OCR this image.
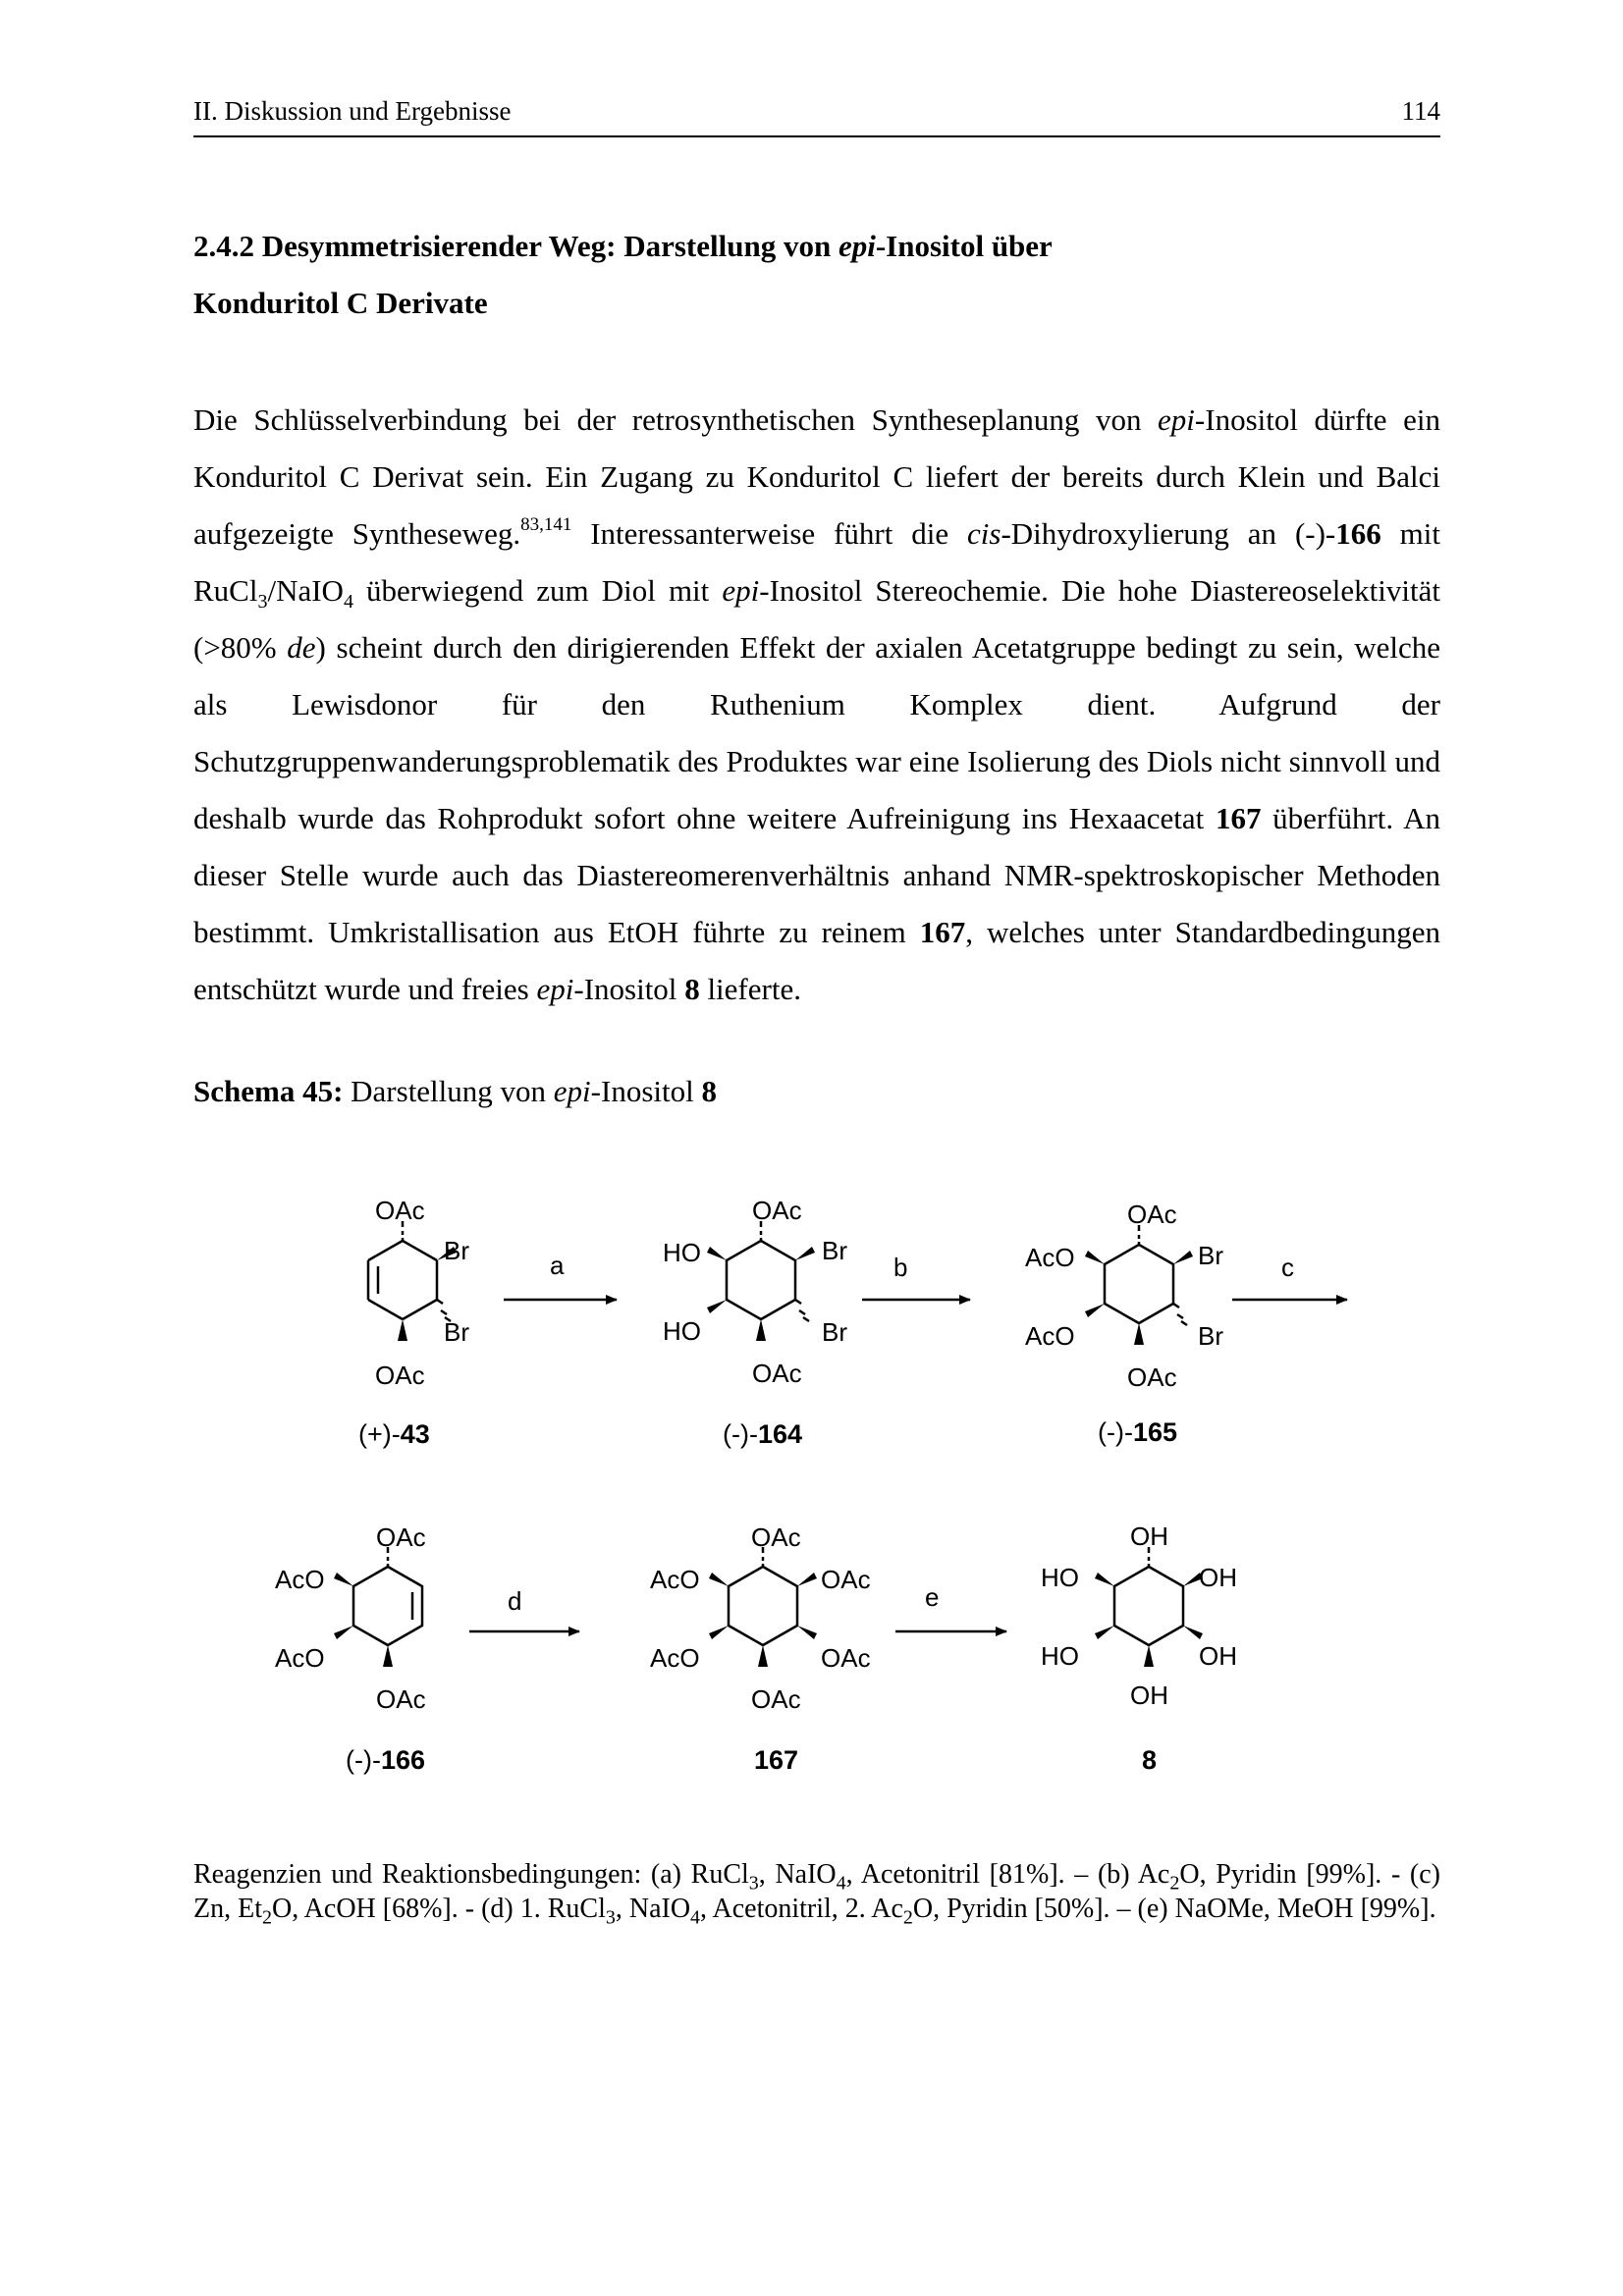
II. Diskussion und Ergebnisse	114
2.4.2 Desymmetrisierender Weg: Darstellung von epi-Inositol über
Konduritol C Derivate

Die Schlüsselverbindung bei der retrosynthetischen Syntheseplanung von epi-Inositol dürfte ein Konduritol C Derivat sein. Ein Zugang zu Konduritol C liefert der bereits durch Klein und Balci aufgezeigte Syntheseweg.$^{83,141}$ Interessanterweise führt die cis-Dihydroxylierung an (-)-166 mit RuCl$_3$/NaIO$_4$ überwiegend zum Diol mit epi-Inositol Stereochemie. Die hohe Diastereoselektivität (>80% de) scheint durch den dirigierenden Effekt der axialen Acetatgruppe bedingt zu sein, welche als Lewisdonor für den Ruthenium Komplex dient. Aufgrund der Schutzgruppenwanderungsproblematik des Produktes war eine Isolierung des Diols nicht sinnvoll und deshalb wurde das Rohprodukt sofort ohne weitere Aufreinigung ins Hexaacetat 167 überführt. An dieser Stelle wurde auch das Diastereomerenverhältnis anhand NMR-spektroskopischer Methoden bestimmt. Umkristallisation aus EtOH führte zu reinem 167, welches unter Standardbedingungen entschützt wurde und freies epi-Inositol 8 lieferte.

Schema 45: Darstellung von epi-Inositol 8
OAc
Br
Br
OAc
(+)-43
a
OAc
Br
Br
HO
HO
OAc
(-)-164
b
OAc
Br
Br
AcO
AcO
OAc
(-)-165
c
OAc
AcO
AcO
OAc
(-)-166
d
OAc
AcO
AcO
OAc
OAc
OAc
167
e
OH
HO
HO
OH
OH
OH
8

Reagenzien und Reaktionsbedingungen: (a) RuCl$_3$, NaIO$_4$, Acetonitril [81%]. – (b) $Ac_2O$, Pyridin [99%]. - (c) Zn, $Et_2O$, AcOH [68%]. - (d) 1. RuCl$_3$, NaIO$_4$, Acetonitril, 2. $Ac_2O$, Pyridin [50%]. – (e) NaOMe, MeOH [99%].
